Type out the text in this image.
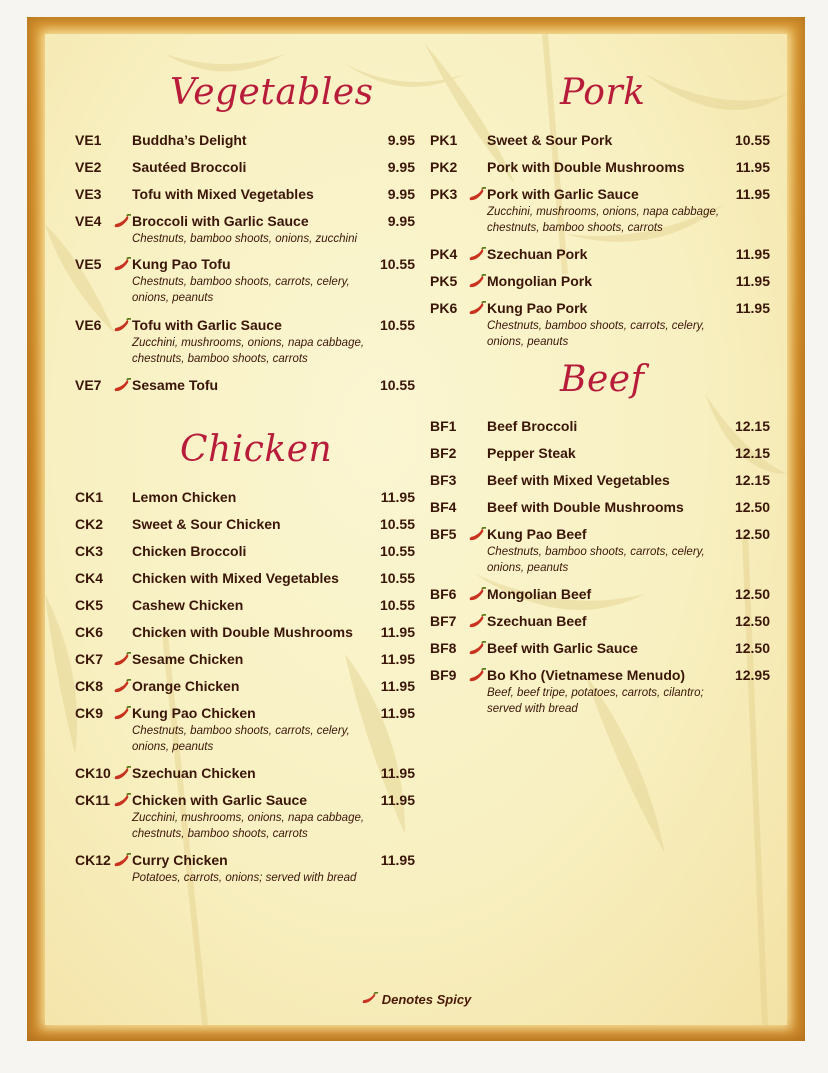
Vegetables
Chicken
VE1 Buddha’s Delight	9.95
VE2 Sautéed Broccoli	9.95
VE3 Tofu with Mixed Vegetables	9.95
VE4 Broccoli with Garlic Sauce	9.95
Chestnuts, bamboo shoots, onions, zucchini
VE5 Kung Pao Tofu	10.55
Chestnuts, bamboo shoots, carrots, celery, onions, peanuts
VE6 Tofu with Garlic Sauce	10.55
Zucchini, mushrooms, onions, napa cabbage, chestnuts, bamboo shoots, carrots
VE7 Sesame Tofu	10.55
CK1 Lemon Chicken	11.95
CK2 Sweet & Sour Chicken	10.55
CK3 Chicken Broccoli	10.55
CK4 Chicken with Mixed Vegetables	10.55
CK5 Cashew Chicken	10.55
CK6 Chicken with Double Mushrooms 11.95
CK7 Sesame Chicken	11.95
CK8 Orange Chicken	11.95
CK9 Kung Pao Chicken	11.95
Chestnuts, bamboo shoots, carrots, celery, onions, peanuts
CK10 Szechuan Chicken	11.95
CK11 Chicken with Garlic Sauce	11.95
Zucchini, mushrooms, onions, napa cabbage, chestnuts, bamboo shoots, carrots
CK12 Curry Chicken	11.95
Potatoes, carrots, onions; served with bread
Pork
Beef
PK1 Sweet & Sour Pork	10.55
PK2 Pork with Double Mushrooms	11.95
PK3 Pork with Garlic Sauce	11.95
Zucchini, mushrooms, onions, napa cabbage, chestnuts, bamboo shoots, carrots
PK4 Szechuan Pork	11.95
PK5 Mongolian Pork	11.95
PK6 Kung Pao Pork	11.95
Chestnuts, bamboo shoots, carrots, celery, onions, peanuts
BF1 Beef Broccoli	12.15
BF2 Pepper Steak	12.15
BF3 Beef with Mixed Vegetables	12.15
BF4 Beef with Double Mushrooms	12.50
BF5 Kung Pao Beef	12.50
Chestnuts, bamboo shoots, carrots, celery, onions, peanuts
BF6 Mongolian Beef	12.50
BF7 Szechuan Beef	12.50
BF8 Beef with Garlic Sauce	12.50
BF9 Bo Kho (Vietnamese Menudo)	12.95
Beef, beef tripe, potatoes, carrots, cilantro; served with bread
Denotes Spicy
